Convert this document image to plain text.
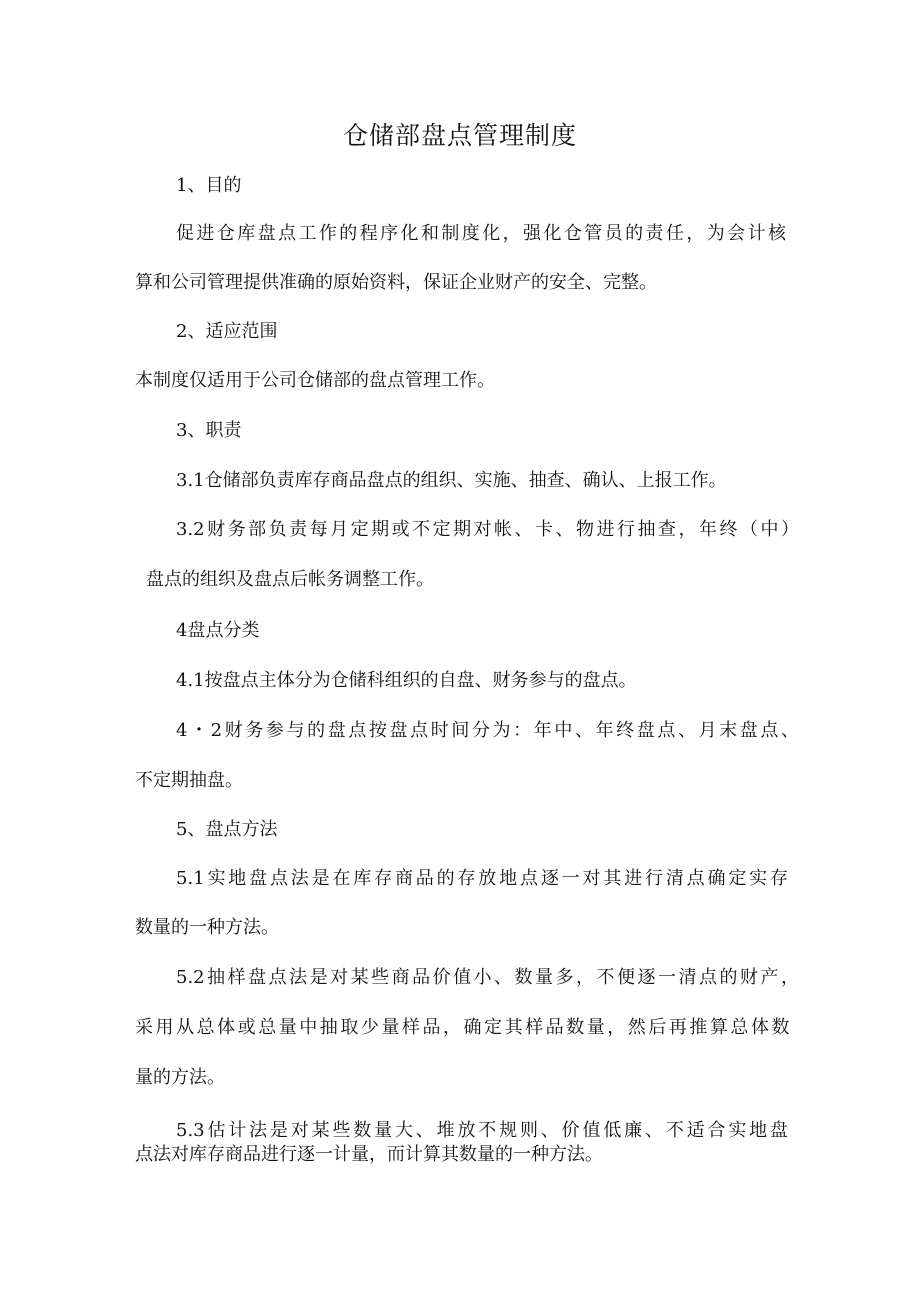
仓储部盘点管理制度
1、目的
促进仓库盘点工作的程序化和制度化，强化仓管员的责任，为会计核
算和公司管理提供准确的原始资料，保证企业财产的安全、完整。
2、适应范围
本制度仅适用于公司仓储部的盘点管理工作。
3、职责
3.1仓储部负责库存商品盘点的组织、实施、抽查、确认、上报工作。
3.2财务部负责每月定期或不定期对帐、卡、物进行抽查，年终（中）
盘点的组织及盘点后帐务调整工作。
4盘点分类
4.1按盘点主体分为仓储科组织的自盘、财务参与的盘点。
4・2财务参与的盘点按盘点时间分为：年中、年终盘点、月末盘点、
不定期抽盘。
5、盘点方法
5.1实地盘点法是在库存商品的存放地点逐一对其进行清点确定实存
数量的一种方法。
5.2抽样盘点法是对某些商品价值小、数量多，不便逐一清点的财产，
采用从总体或总量中抽取少量样品，确定其样品数量，然后再推算总体数
量的方法。
5.3估计法是对某些数量大、堆放不规则、价值低廉、不适合实地盘
点法对库存商品进行逐一计量，而计算其数量的一种方法。
